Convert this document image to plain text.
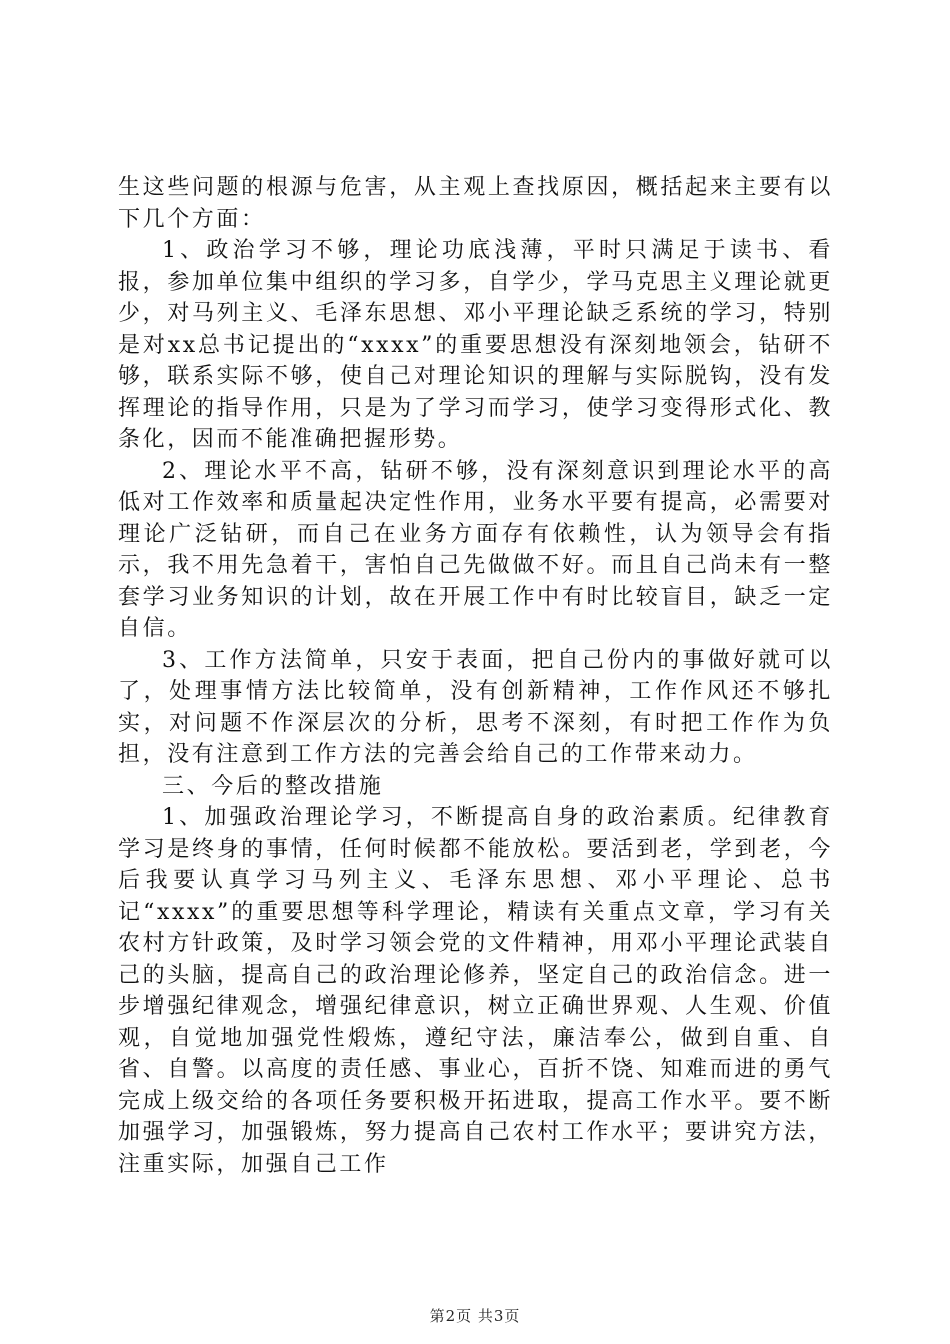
生这些问题的根源与危害，从主观上查找原因，概括起来主要有以下几个方面：

1、政治学习不够，理论功底浅薄，平时只满足于读书、看报，参加单位集中组织的学习多，自学少，学马克思主义理论就更少，对马列主义、毛泽东思想、邓小平理论缺乏系统的学习，特别是对xx总书记提出的“xxxx”的重要思想没有深刻地领会，钻研不够，联系实际不够，使自己对理论知识的理解与实际脱钩，没有发挥理论的指导作用，只是为了学习而学习，使学习变得形式化、教条化，因而不能准确把握形势。

2、理论水平不高，钻研不够，没有深刻意识到理论水平的高低对工作效率和质量起决定性作用，业务水平要有提高，必需要对理论广泛钻研，而自己在业务方面存有依赖性，认为领导会有指示，我不用先急着干，害怕自己先做做不好。而且自己尚未有一整套学习业务知识的计划，故在开展工作中有时比较盲目，缺乏一定自信。

3、工作方法简单，只安于表面，把自己份内的事做好就可以了，处理事情方法比较简单，没有创新精神，工作作风还不够扎实，对问题不作深层次的分析，思考不深刻，有时把工作作为负担，没有注意到工作方法的完善会给自己的工作带来动力。

三、今后的整改措施

1、加强政治理论学习，不断提高自身的政治素质。纪律教育学习是终身的事情，任何时候都不能放松。要活到老，学到老，今后我要认真学习马列主义、毛泽东思想、邓小平理论、总书记“xxxx”的重要思想等科学理论，精读有关重点文章，学习有关农村方针政策，及时学习领会党的文件精神，用邓小平理论武装自己的头脑，提高自己的政治理论修养，坚定自己的政治信念。进一步增强纪律观念，增强纪律意识，树立正确世界观、人生观、价值观，自觉地加强党性煅炼，遵纪守法，廉洁奉公，做到自重、自省、自警。以高度的责任感、事业心，百折不饶、知难而进的勇气完成上级交给的各项任务要积极开拓进取，提高工作水平。要不断加强学习，加强锻炼，努力提高自己农村工作水平；要讲究方法，注重实际，加强自己工作

第2页 共3页
